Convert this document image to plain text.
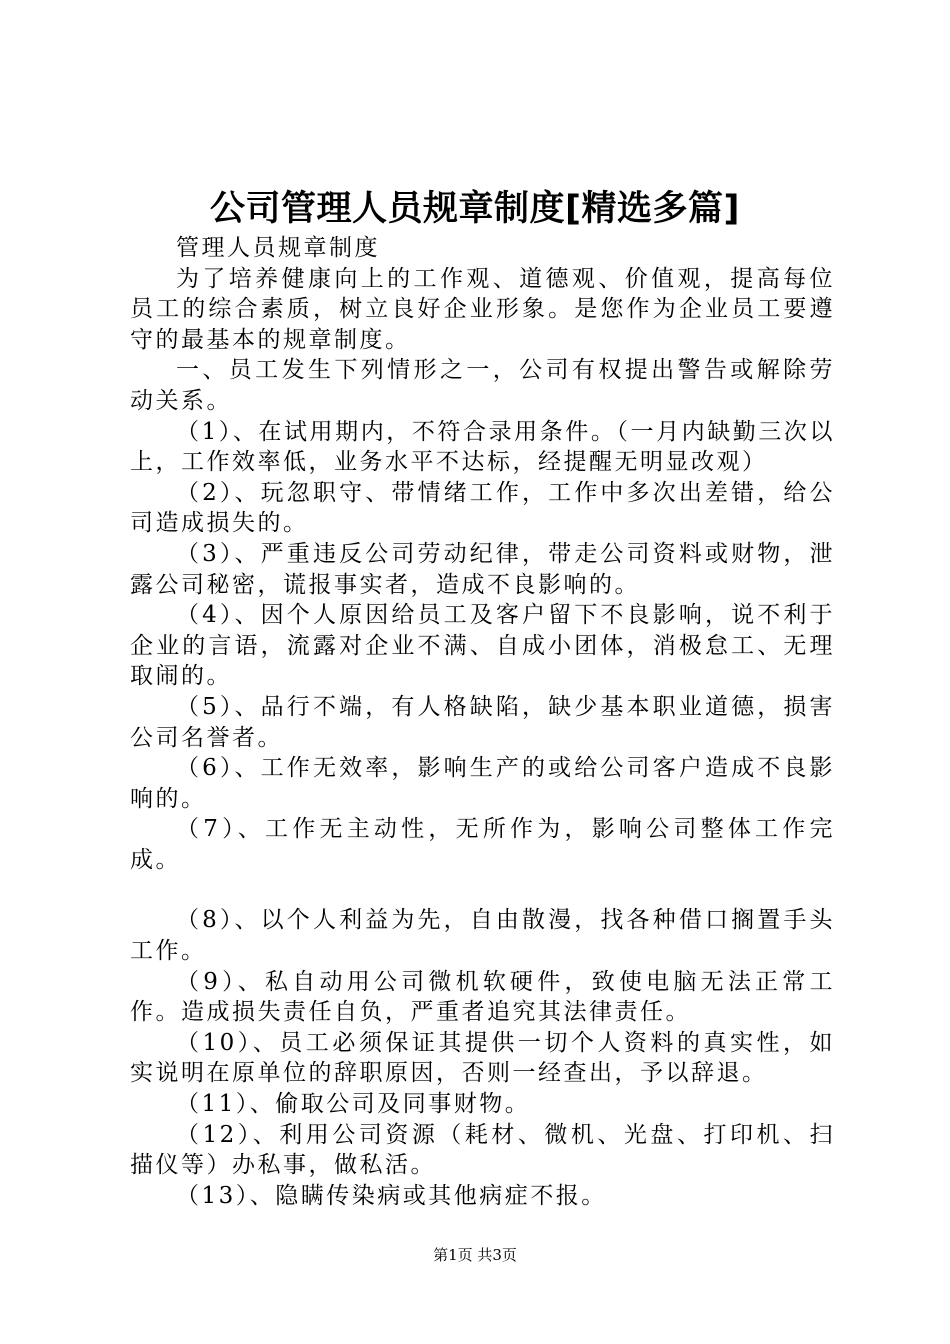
公司管理人员规章制度[精选多篇]

管理人员规章制度

为了培养健康向上的工作观、道德观、价值观，提高每位员工的综合素质，树立良好企业形象。是您作为企业员工要遵守的最基本的规章制度。

一、员工发生下列情形之一，公司有权提出警告或解除劳动关系。

（1）、在试用期内，不符合录用条件。（一月内缺勤三次以上，工作效率低，业务水平不达标，经提醒无明显改观）

（2）、玩忽职守、带情绪工作，工作中多次出差错，给公司造成损失的。

（3）、严重违反公司劳动纪律，带走公司资料或财物，泄露公司秘密，谎报事实者，造成不良影响的。

（4）、因个人原因给员工及客户留下不良影响，说不利于企业的言语，流露对企业不满、自成小团体，消极怠工、无理取闹的。

（5）、品行不端，有人格缺陷，缺少基本职业道德，损害公司名誉者。

（6）、工作无效率，影响生产的或给公司客户造成不良影响的。

（7）、工作无主动性，无所作为，影响公司整体工作完成。

（8）、以个人利益为先，自由散漫，找各种借口搁置手头工作。

（9）、私自动用公司微机软硬件，致使电脑无法正常工作。造成损失责任自负，严重者追究其法律责任。

（10）、员工必须保证其提供一切个人资料的真实性，如实说明在原单位的辞职原因，否则一经查出，予以辞退。

（11）、偷取公司及同事财物。

（12）、利用公司资源（耗材、微机、光盘、打印机、扫描仪等）办私事，做私活。

（13）、隐瞒传染病或其他病症不报。

第1页 共3页
